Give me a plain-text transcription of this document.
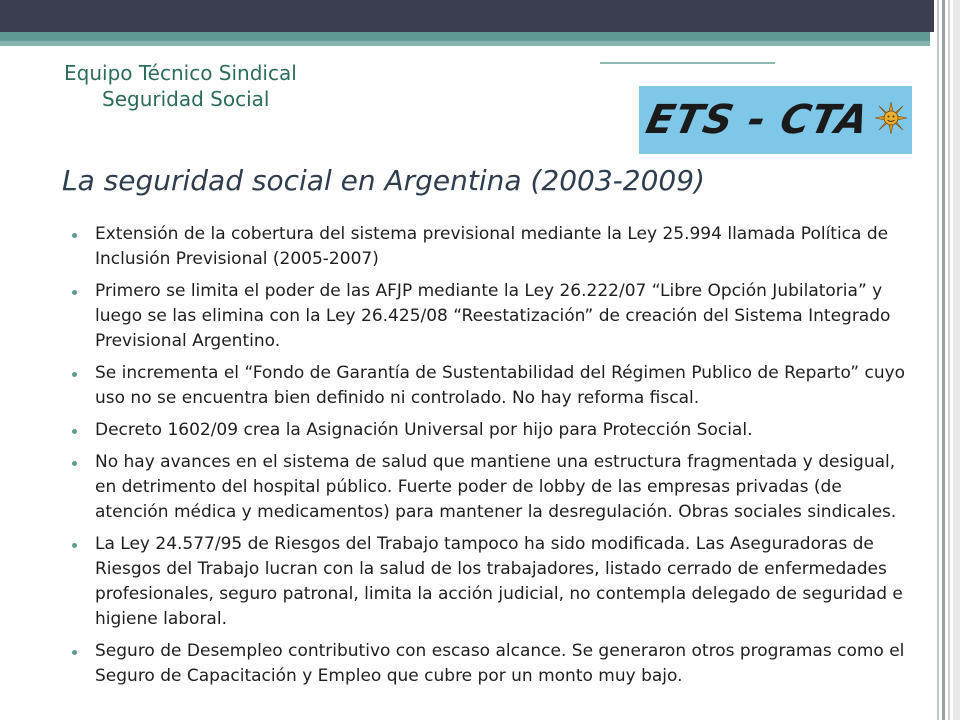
Equipo Técnico Sindical
Seguridad Social	ETS - CTA
La seguridad social en Argentina (2003-2009)
Extensión de la cobertura del sistema previsional mediante la Ley 25.994 llamada Política de Inclusión Previsional (2005-2007)
Primero se limita el poder de las AFJP mediante la Ley 26.222/07 “Libre Opción Jubilatoria” y luego se las elimina con la Ley 26.425/08 “Reestatización” de creación del Sistema Integrado Previsional Argentino.
Se incrementa el “Fondo de Garantía de Sustentabilidad del Régimen Publico de Reparto” cuyo uso no se encuentra bien definido ni controlado. No hay reforma fiscal.
Decreto 1602/09 crea la Asignación Universal por hijo para Protección Social.
No hay avances en el sistema de salud que mantiene una estructura fragmentada y desigual, en detrimento del hospital público. Fuerte poder de lobby de las empresas privadas (de atención médica y medicamentos) para mantener la desregulación. Obras sociales sindicales.
La Ley 24.577/95 de Riesgos del Trabajo tampoco ha sido modificada. Las Aseguradoras de Riesgos del Trabajo lucran con la salud de los trabajadores, listado cerrado de enfermedades profesionales, seguro patronal, limita la acción judicial, no contempla delegado de seguridad e higiene laboral.
Seguro de Desempleo contributivo con escaso alcance. Se generaron otros programas como el Seguro de Capacitación y Empleo que cubre por un monto muy bajo.
